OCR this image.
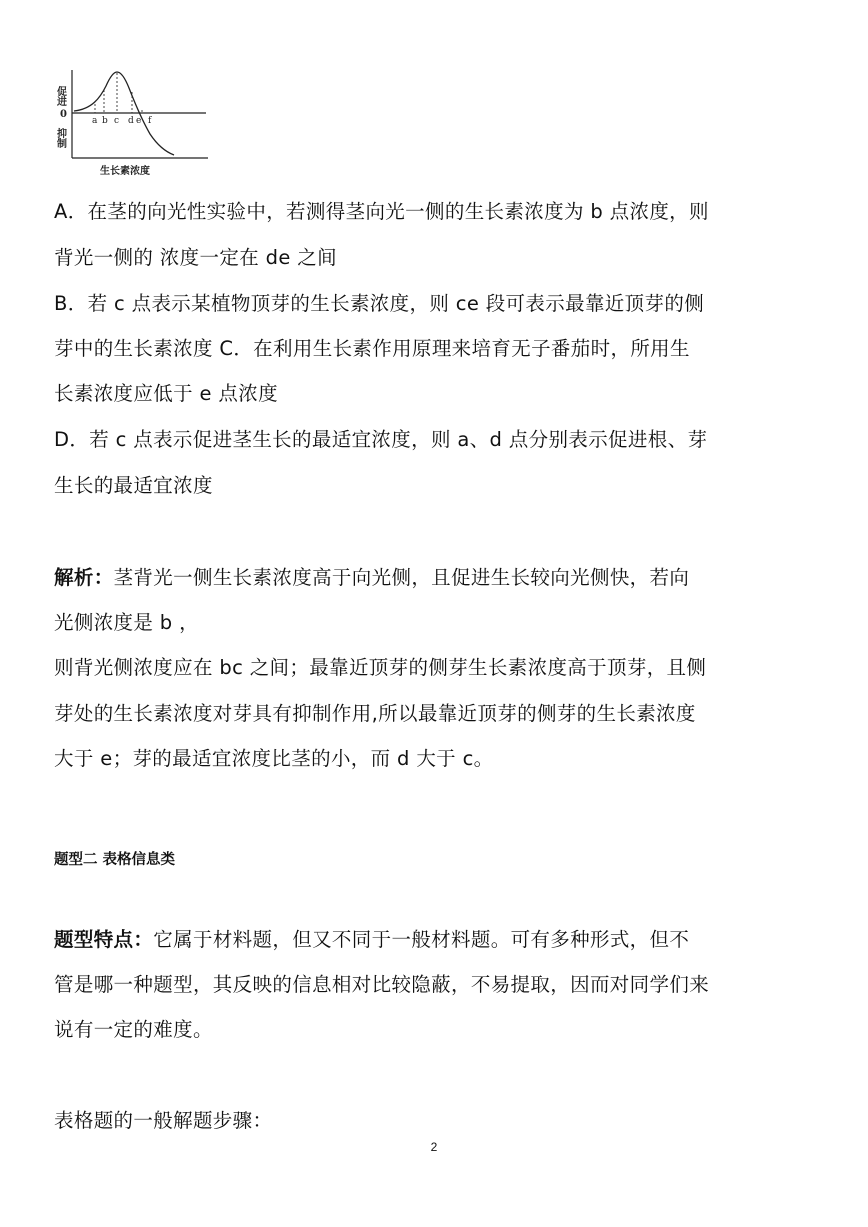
a b c d e f
促进
0
抑制
生长素浓度
A．在茎的向光性实验中，若测得茎向光一侧的生长素浓度为 b 点浓度，则
背光一侧的 浓度一定在 de 之间
B．若 c 点表示某植物顶芽的生长素浓度，则 ce 段可表示最靠近顶芽的侧
芽中的生长素浓度 C．在利用生长素作用原理来培育无子番茄时，所用生
长素浓度应低于 e 点浓度
D．若 c 点表示促进茎生长的最适宜浓度，则 a、d 点分别表示促进根、芽
生长的最适宜浓度
解析：茎背光一侧生长素浓度高于向光侧，且促进生长较向光侧快，若向
光侧浓度是 b ，
则背光侧浓度应在 bc 之间；最靠近顶芽的侧芽生长素浓度高于顶芽，且侧
芽处的生长素浓度对芽具有抑制作用,所以最靠近顶芽的侧芽的生长素浓度
大于 e；芽的最适宜浓度比茎的小，而 d 大于 c。
题型二 表格信息类
题型特点：它属于材料题，但又不同于一般材料题。可有多种形式，但不
管是哪一种题型，其反映的信息相对比较隐蔽，不易提取，因而对同学们来
说有一定的难度。
表格题的一般解题步骤：
2
